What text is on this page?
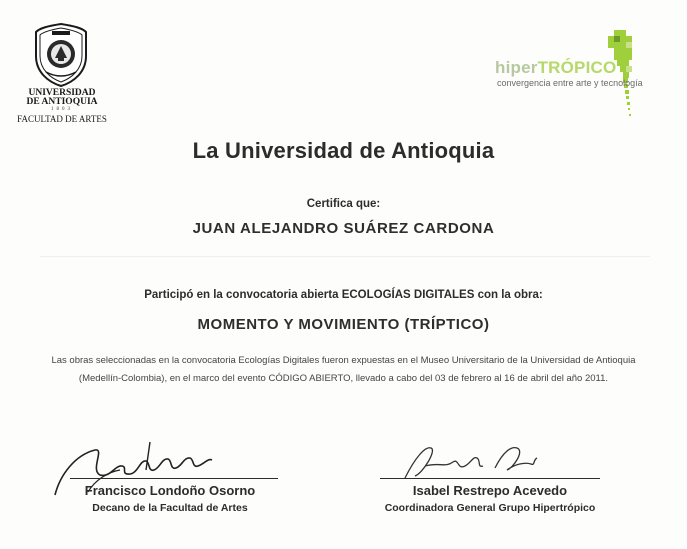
UNIVERSIDAD
DE ANTIOQUIA
1803
FACULTAD DE ARTES
hiperTRÓPICO
convergencia entre arte y tecnología
La Universidad de Antioquia
Certifica que:
JUAN ALEJANDRO SUÁREZ CARDONA
Participó en la convocatoria abierta ECOLOGÍAS DIGITALES con la obra:
MOMENTO Y MOVIMIENTO (TRÍPTICO)
Las obras seleccionadas en la convocatoria Ecologías Digitales fueron expuestas en el Museo Universitario de la Universidad de Antioquia
(Medellín-Colombia), en el marco del evento CÓDIGO ABIERTO, llevado a cabo del 03 de febrero al 16 de abril del año 2011.
Francisco Londoño Osorno
Decano de la Facultad de Artes
Isabel Restrepo Acevedo
Coordinadora General Grupo Hipertrópico
